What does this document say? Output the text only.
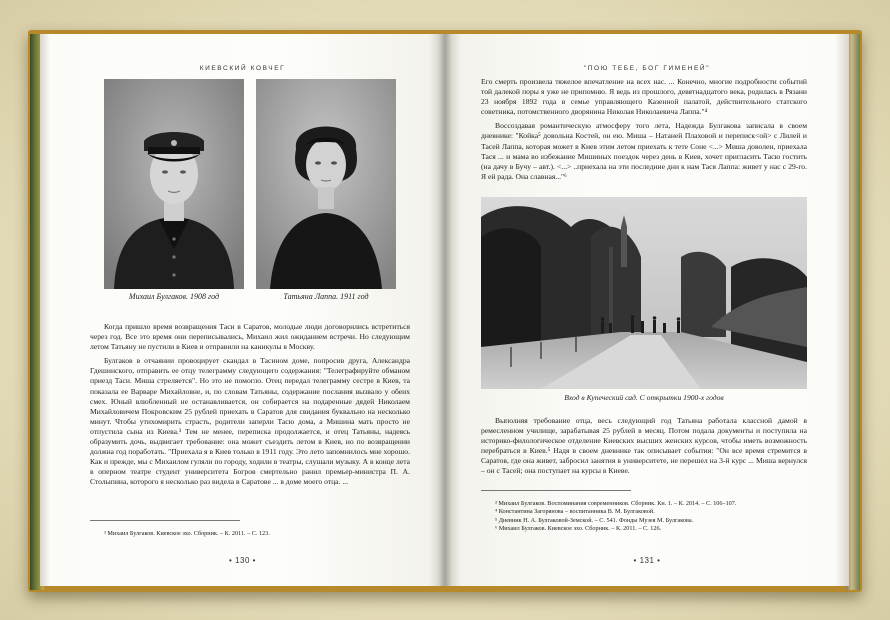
КИЕВСКИЙ КОВЧЕГ
Михаил Булгаков. 1908 год	Татьяна Лаппа. 1911 год

Когда пришло время возвращения Таси в Саратов, молодые люди договорились встретиться через год. Все это время они переписывались, Михаил жил ожиданием встречи. Но следующим летом Татьяну не пустили в Киев и отправили на каникулы в Москву.

Булгаков в отчаянии провоцирует скандал в Тасином доме, попросив друга, Александра Гдешинского, отправить ее отцу телеграмму следующего содержания: "Телеграфируйте обманом приезд Таси. Миша стреляется". Но это не помогло. Отец передал телеграмму сестре в Киев, та показала ее Варваре Михайловне, и, по словам Татьяны, содержание послания вызвало у обеих смех. Юный влюбленный не останавливается, он собирается на подаренные дядей Николаем Михайловичем Покровским 25 рублей приехать в Саратов для свидания буквально на несколько минут. Чтобы утихомирить страсть, родители заперли Тасю дома, а Мишина мать просто не отпустила сына из Киева.³ Тем не менее, переписка продолжается, и отец Татьяны, надеясь образумить дочь, выдвигает требование: она может съездить летом в Киев, но по возвращении должна год поработать. "Приехала я в Киев только в 1911 году. Это лето запомнилось мне хорошо. Как и прежде, мы с Михаилом гуляли по городу, ходили в театры, слушали музыку. А в конце лета в оперном театре студент университета Богров смертельно ранил премьер-министра П. А. Столыпина, которого я несколько раз видела в Саратове ... в доме моего отца. ...

³ Михаил Булгаков. Киевское эхо. Сборник. – К. 2011. – С. 123.
• 130 •
"ПОЮ ТЕБЕ, БОГ ГИМЕНЕЙ"

Его смерть произвела тяжелое впечатление на всех нас. ... Конечно, многие подробности событий той далекой поры я уже не припомню. Я ведь из прошлого, девятнадцатого века, родилась в Рязани 23 ноября 1892 года в семье управляющего Казенной палатой, действительного статского советника, потомственного дворянина Николая Николаевича Лаппа."⁴

Воссоздавая романтическую атмосферу того лета, Надежда Булгакова записала в своем дневнике: "Койка⁵ довольна Костей, он ею. Миша – Натаней Плаховой и переписк<ой> с Лилей и Тасей Лаппа, которая может в Киев этим летом приехать к тете Соне <...> Миша доволен, приехала Тася ... и мама во избежание Мишиных поездок через день в Киев, хочет пригласить Тасю гостить (на дачу в Бучу – авт.). <...> ..приехала на эти последние дни к нам Тася Лаппа: живет у нас с 29-го. Я ей рада. Она славная..."⁶

Вход в Купеческий сад. С открытки 1900-х годов

Выполняя требование отца, весь следующий год Татьяна работала классной дамой в ремесленном училище, зарабатывая 25 рублей в месяц. Потом подала документы и поступила на историко-филологическое отделение Киевских высших женских курсов, чтобы иметь возможность перебраться в Киев.⁵ Надя в своем дневнике так описывает события: "Он все время стремится в Саратов, где она живет, забросил занятия в университете, не перешел на 3-й курс ... Миша вернулся – он с Тасей; она поступает на курсы в Киеве.

³ Михаил Булгаков. Воспоминания современников. Сборник. Кн. 1. – К. 2014. – С. 106–107.
⁴ Константина Загорянова – воспитанника В. М. Булгаковой.
⁵ Дневник Н. А. Булгаковой-Земской. – С. 541. Фонды Музея М. Булгакова.
⁶ Михаил Булгаков. Киевское эхо. Сборник. – К. 2011. – С. 126.
• 131 •
